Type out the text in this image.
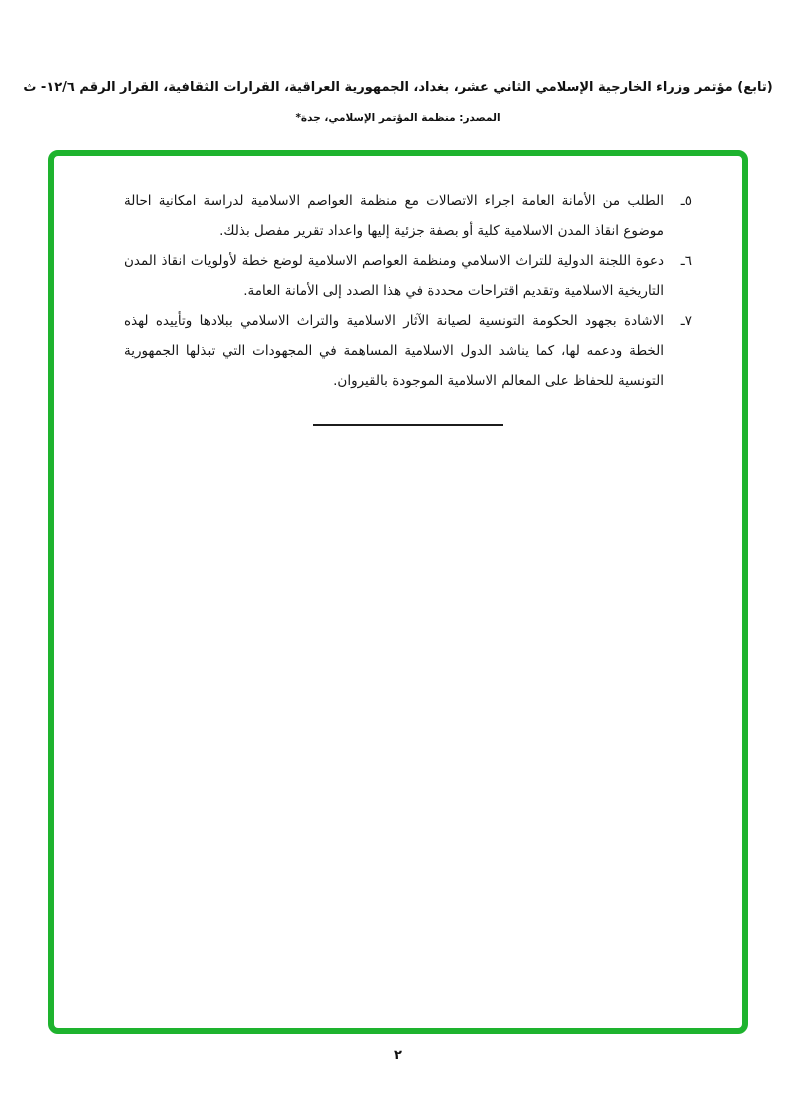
(تابع) مؤتمر وزراء الخارجية الإسلامي الثاني عشر، بغداد، الجمهورية العراقية، القرارات الثقافية، القرار الرقم ١٢/٦- ث
المصدر: منظمة المؤتمر الإسلامي، جدة*
٥ـ
الطلب من الأمانة العامة اجراء الاتصالات مع منظمة العواصم الاسلامية لدراسة امكانية احالة موضوع انقاذ المدن الاسلامية كلية أو بصفة جزئية إليها واعداد تقرير مفصل بذلك.
٦ـ
دعوة اللجنة الدولية للتراث الاسلامي ومنظمة العواصم الاسلامية لوضع خطة لأولويات انقاذ المدن التاريخية الاسلامية وتقديم اقتراحات محددة في هذا الصدد إلى الأمانة العامة.
٧ـ
الاشادة بجهود الحكومة التونسية لصيانة الآثار الاسلامية والتراث الاسلامي ببلادها وتأييده لهذه الخطة ودعمه لها، كما يناشد الدول الاسلامية المساهمة في المجهودات التي تبذلها الجمهورية التونسية للحفاظ على المعالم الاسلامية الموجودة بالقيروان.
٢
